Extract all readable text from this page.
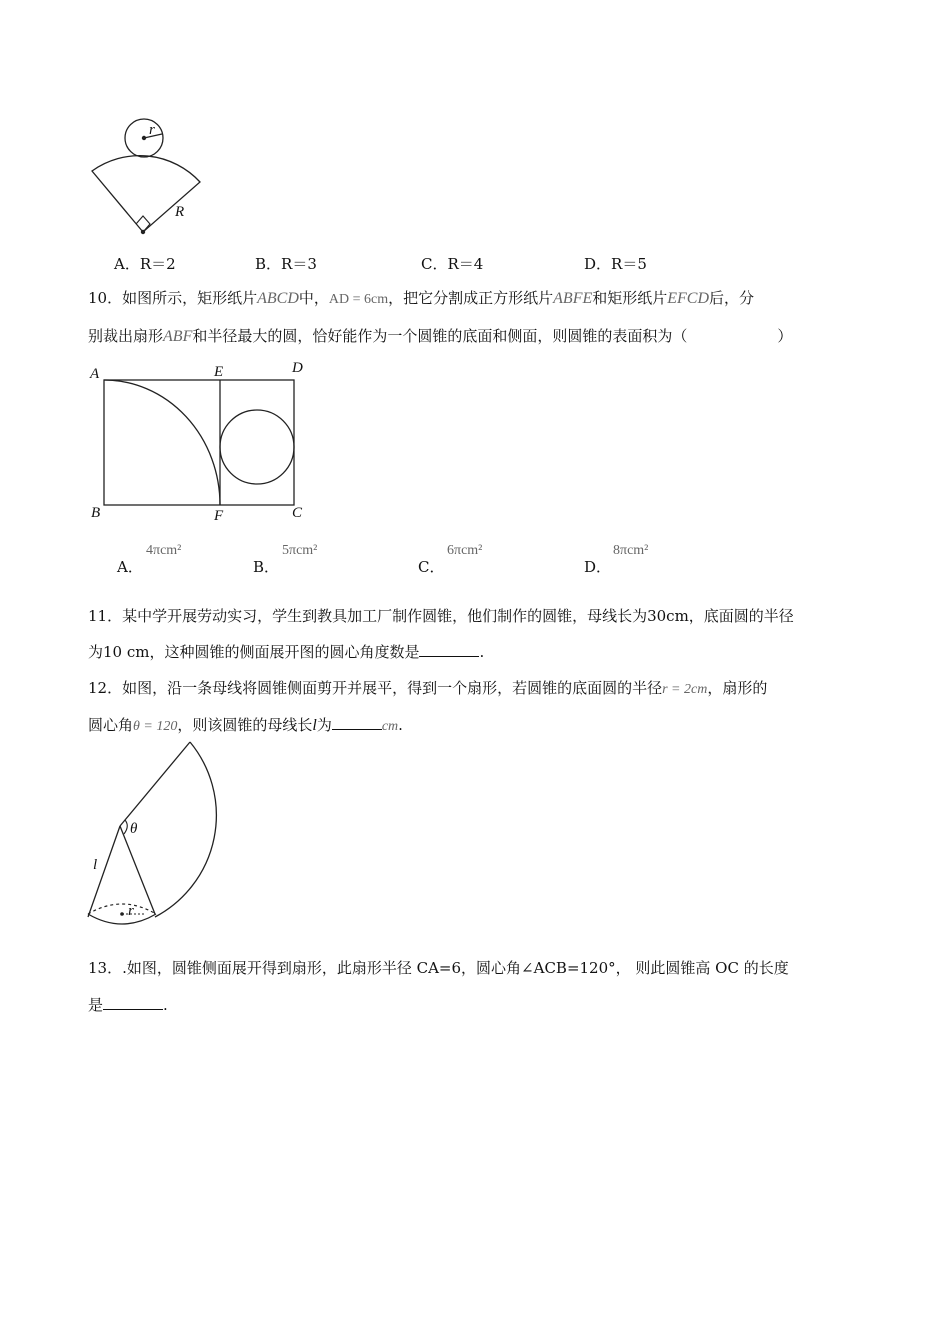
r
R
A．R＝2	B．R＝3	C．R＝4	D．R＝5
10．如图所示，矩形纸片ABCD中，AD = 6cm，把它分割成正方形纸片ABFE和矩形纸片EFCD后，分
别裁出扇形ABF和半径最大的圆，恰好能作为一个圆锥的底面和侧面，则圆锥的表面积为（	）
A	E	D
B	F	C
A．
4πcm²
B．
5πcm²
C．
6πcm²
D．
8πcm²
11．某中学开展劳动实习，学生到教具加工厂制作圆锥，他们制作的圆锥，母线长为30cm，底面圆的半径
为10 cm，这种圆锥的侧面展开图的圆心角度数是	.
12．如图，沿一条母线将圆锥侧面剪开并展平，得到一个扇形，若圆锥的底面圆的半径r = 2cm，扇形的
圆心角θ = 120，则该圆锥的母线长l为	cm.
θ
l
r
13．.如图，圆锥侧面展开得到扇形，此扇形半径 CA=6，圆心角∠ACB=120°， 则此圆锥高 OC 的长度
是	.
